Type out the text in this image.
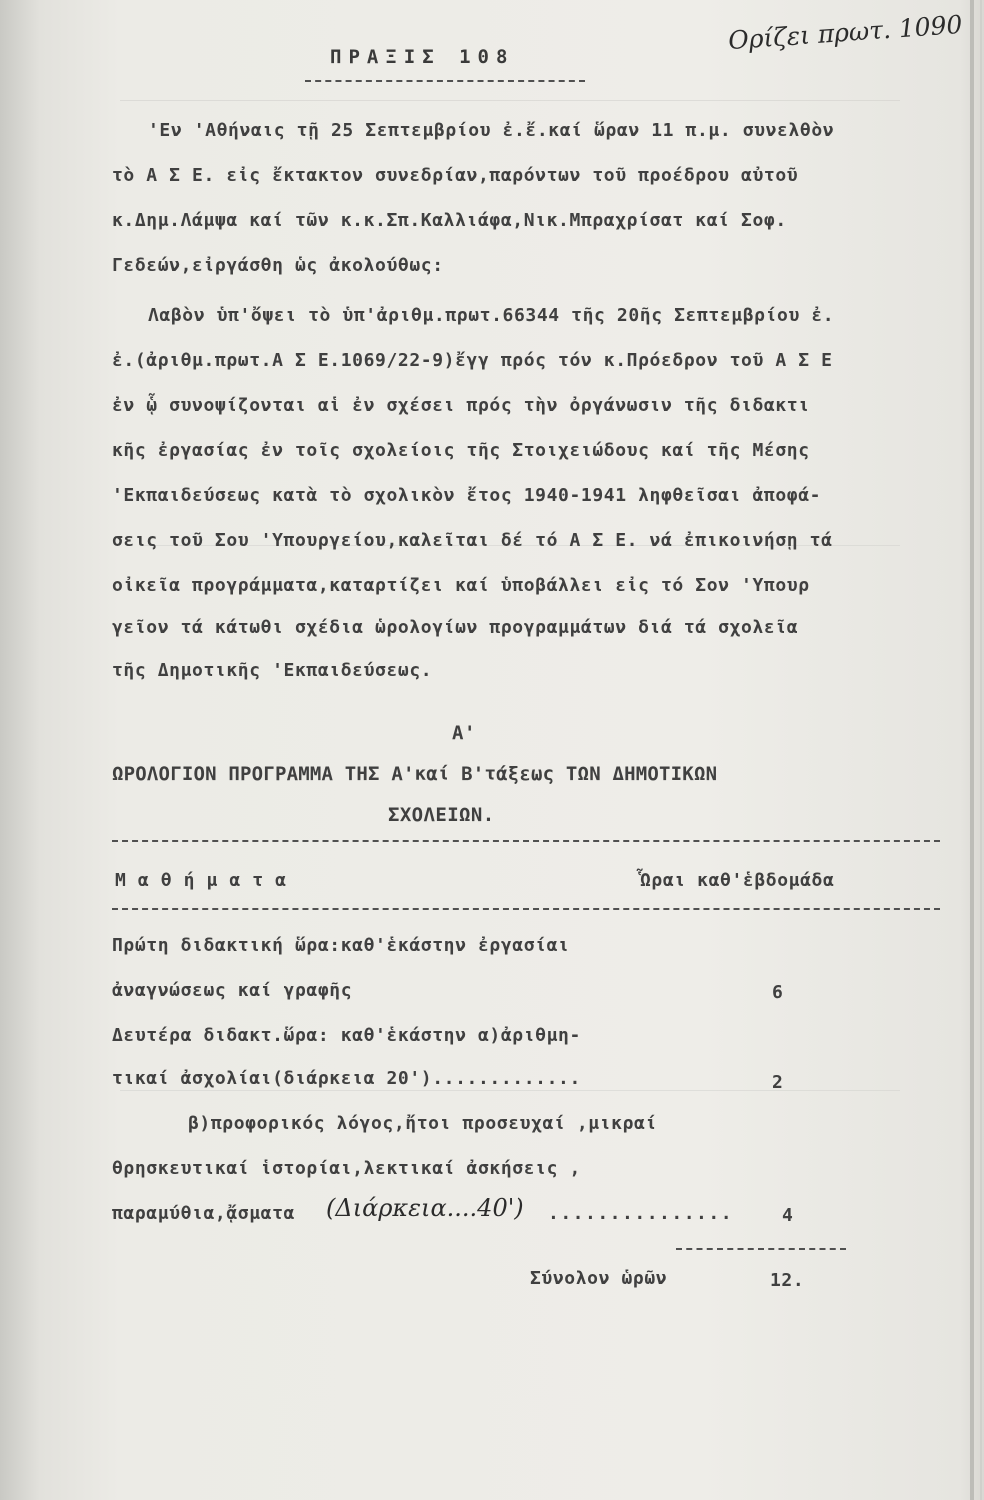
ΠΡΑΞΙΣ 108
Ορίζει πρωτ. 1090
'Εν 'Αθήναις τῇ 25 Σεπτεμβρίου ἐ.ἔ.καί ὥραν 11 π.μ. συνελθὸν
τὸ Α Σ Ε. εἰς ἔκτακτον συνεδρίαν,παρόντων τοῦ προέδρου αὐτοῦ
κ.Δημ.Λάμψα καί τῶν κ.κ.Σπ.Καλλιάφα,Νικ.Μπραχρίσατ καί Σοφ.
Γεδεών,εἰργάσθη ὡς ἀκολούθως:
Λαβὸν ὑπ'ὄψει τὸ ὑπ'ἀριθμ.πρωτ.66344 τῆς 20ῆς Σεπτεμβρίου ἐ.
ἐ.(ἀριθμ.πρωτ.Α Σ Ε.1069/22-9)ἔγγ πρός τόν κ.Πρόεδρον τοῦ Α Σ Ε
ἐν ᾧ συνοψίζονται αἱ ἐν σχέσει πρός τὴν ὀργάνωσιν τῆς διδακτι
κῆς ἐργασίας ἐν τοῖς σχολείοις τῆς Στοιχειώδους καί τῆς Μέσης
'Εκπαιδεύσεως κατὰ τὸ σχολικὸν ἔτος 1940-1941 ληφθεῖσαι ἀποφά-
σεις τοῦ Σου 'Υπουργείου,καλεῖται δέ τό Α Σ Ε. νά ἐπικοινήσῃ τά
οἰκεῖα προγράμματα,καταρτίζει καί ὑποβάλλει εἰς τό Σον 'Υπουρ
γεῖον τά κάτωθι σχέδια ὡρολογίων προγραμμάτων διά τά σχολεῖα
τῆς Δημοτικῆς 'Εκπαιδεύσεως.
Α'
ΩΡΟΛΟΓΙΟΝ ΠΡΟΓΡΑΜΜΑ ΤΗΣ Α'καί Β'τάξεως ΤΩΝ ΔΗΜΟΤΙΚΩΝ
ΣΧΟΛΕΙΩΝ.
Μ α θ ή μ α τ α	Ὧραι καθ'ἑβδομάδα
Πρώτη διδακτική ὥρα:καθ'ἑκάστην ἐργασίαι
ἀναγνώσεως καί γραφῆς	6
Δευτέρα διδακτ.ὥρα: καθ'ἑκάστην α)ἀριθμη-
τικαί ἀσχολίαι(διάρκεια 20').............	2
β)προφορικός λόγος,ἤτοι προσευχαί ,μικραί
θρησκευτικαί ἱστορίαι,λεκτικαί ἀσκήσεις ,
παραμύθια,ᾄσματα (Διάρκεια....40') ...............	4
Σύνολον ὡρῶν	12.
